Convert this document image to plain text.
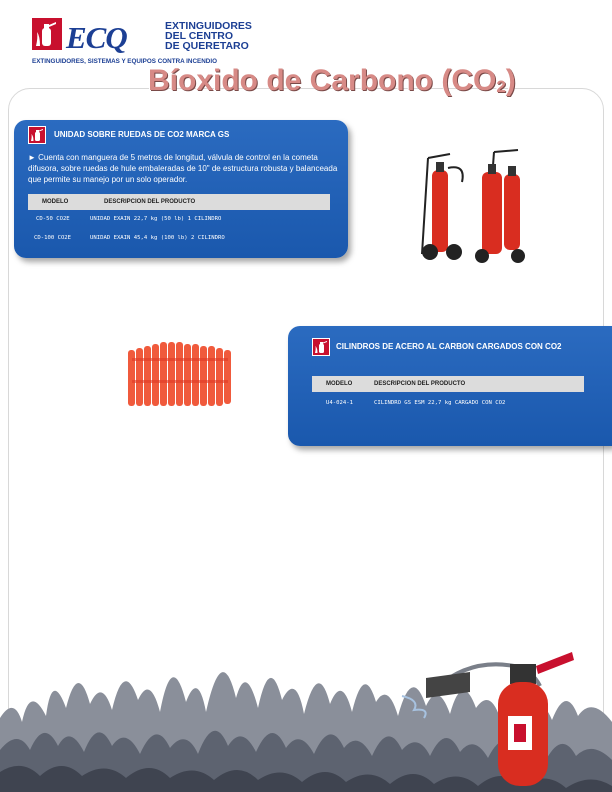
ECQ	EXTINGUIDORES
DEL CENTRO
DE QUERETARO
EXTINGUIDORES, SISTEMAS Y EQUIPOS CONTRA INCENDIO
Bíoxido de Carbono $(CO_2)$
UNIDAD SOBRE RUEDAS DE CO2 MARCA GS
► Cuenta con manguera de 5 metros de longitud, válvula de control en la cometa difusora, sobre ruedas de hule embaleradas de 10" de estructura robusta y balanceada que permite su manejo por un solo operador.
MODELO	DESCRIPCION DEL PRODUCTO
CD-50 CO2E	UNIDAD EXAIN 22,7 kg (50 lb) 1 CILINDRO
CD-100 CO2E	UNIDAD EXAIN 45,4 kg (100 lb) 2 CILINDRO
CILINDROS DE ACERO AL CARBON CARGADOS CON CO2
MODELO	DESCRIPCION DEL PRODUCTO
U4-024-1	CILINDRO GS ESM 22,7 kg CARGADO CON CO2
